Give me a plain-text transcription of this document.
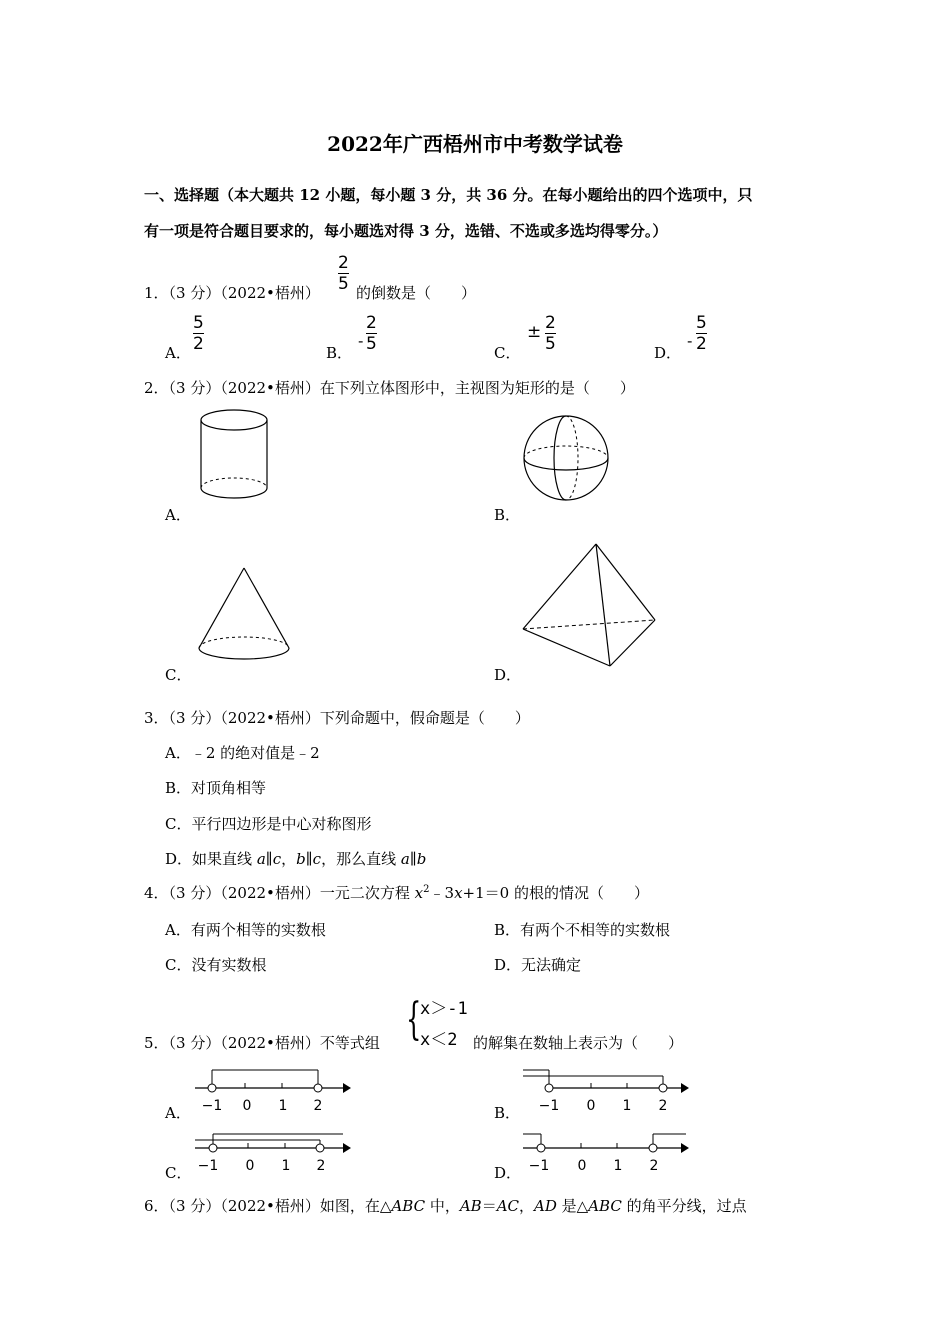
2022年广西梧州市中考数学试卷
一、选择题（本大题共 12 小题，每小题 3 分，共 36 分。在每小题给出的四个选项中，只
有一项是符合题目要求的，每小题选对得 3 分，选错、不选或多选均得零分。）
1．（3 分）（2022•梧州）
2
5 的倒数是（　　）
A．
5
2	B．
-
2
5	C．
± 2
5	D．
-
5
2
2．（3 分）（2022•梧州）在下列立体图形中，主视图为矩形的是（　　）
A．	B．
C．	D．
3．（3 分）（2022•梧州）下列命题中，假命题是（　　）
A．﹣2 的绝对值是﹣2
B．对顶角相等
C．平行四边形是中心对称图形
D．如果直线 a∥c，b∥c，那么直线 a∥b
4．（3 分）（2022•梧州）一元二次方程 $x^2﹣3x+1=0$ 的根的情况（　　）
A．有两个相等的实数根	B．有两个不相等的实数根
C．没有实数根	D．无法确定
5．（3 分）（2022•梧州）不等式组 {
x＞-1
x＜2 的解集在数轴上表示为（　　）
A．	B．
C．	D．
−1 0 1 2	−1 0 1 2
−1 0 1 2	−1 0 1 2
6．（3 分）（2022•梧州）如图，在△ABC 中，AB＝AC，AD 是△ABC 的角平分线，过点
